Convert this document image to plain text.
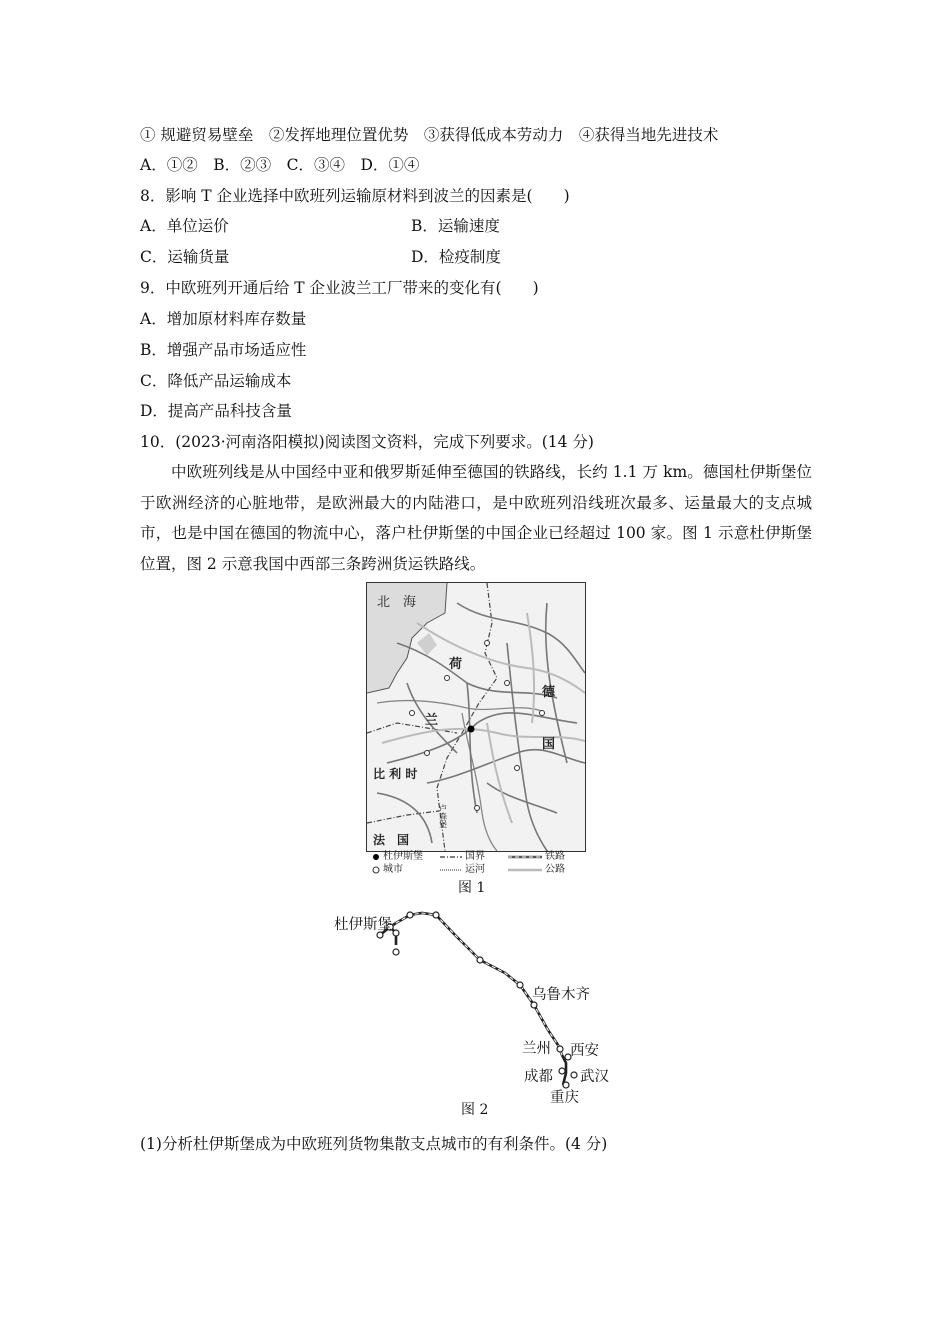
① 规避贸易壁垒　②发挥地理位置优势　③获得低成本劳动力　④获得当地先进技术
A．①②　B．②③　C．③④　D．①④
8．影响 T 企业选择中欧班列运输原材料到波兰的因素是(　　)
A．单位运价	B．运输速度
C．运输货量	D．检疫制度
9．中欧班列开通后给 T 企业波兰工厂带来的变化有(　　)
A．增加原材料库存数量
B．增强产品市场适应性
C．降低产品运输成本
D．提高产品科技含量
10．(2023·河南洛阳模拟)阅读图文资料，完成下列要求。(14 分)
中欧班列线是从中国经中亚和俄罗斯延伸至德国的铁路线，长约 1.1 万 km。德国杜伊斯堡位于欧洲经济的心脏地带，是欧洲最大的内陆港口，是中欧班列沿线班次最多、运量最大的支点城市，也是中国在德国的物流中心，落户杜伊斯堡的中国企业已经超过 100 家。图 1 示意杜伊斯堡位置，图 2 示意我国中西部三条跨洲货运铁路线。
北　海
荷
兰
德
国
比 利 时
法　国
卢 森 堡
杜伊斯堡
城市
国界
运河
铁路
公路
图 1
杜伊斯堡
乌鲁木齐
兰州 西安
成都 武汉
重庆
图 2
(1)分析杜伊斯堡成为中欧班列货物集散支点城市的有利条件。(4 分)
